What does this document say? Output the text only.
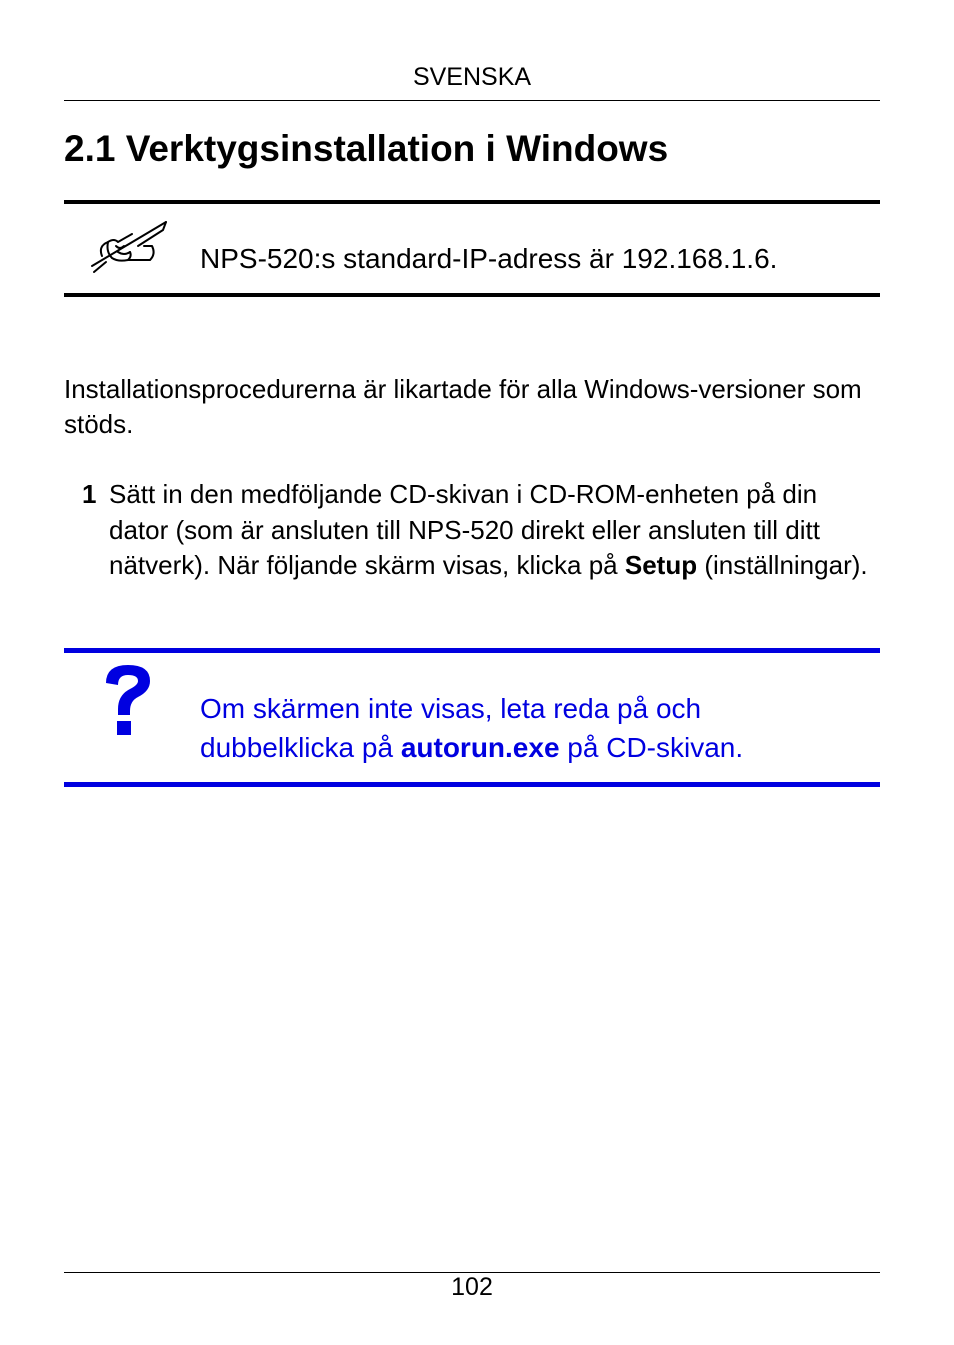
SVENSKA
2.1 Verktygsinstallation i Windows
NPS-520:s standard-IP-adress är 192.168.1.6.

Installationsprocedurerna är likartade för alla Windows-versioner som stöds.

1 Sätt in den medföljande CD-skivan i CD-ROM-enheten på din dator (som är ansluten till NPS-520 direkt eller ansluten till ditt nätverk). När följande skärm visas, klicka på Setup (inställningar).

Om skärmen inte visas, leta reda på och dubbelklicka på autorun.exe på CD-skivan.

102
